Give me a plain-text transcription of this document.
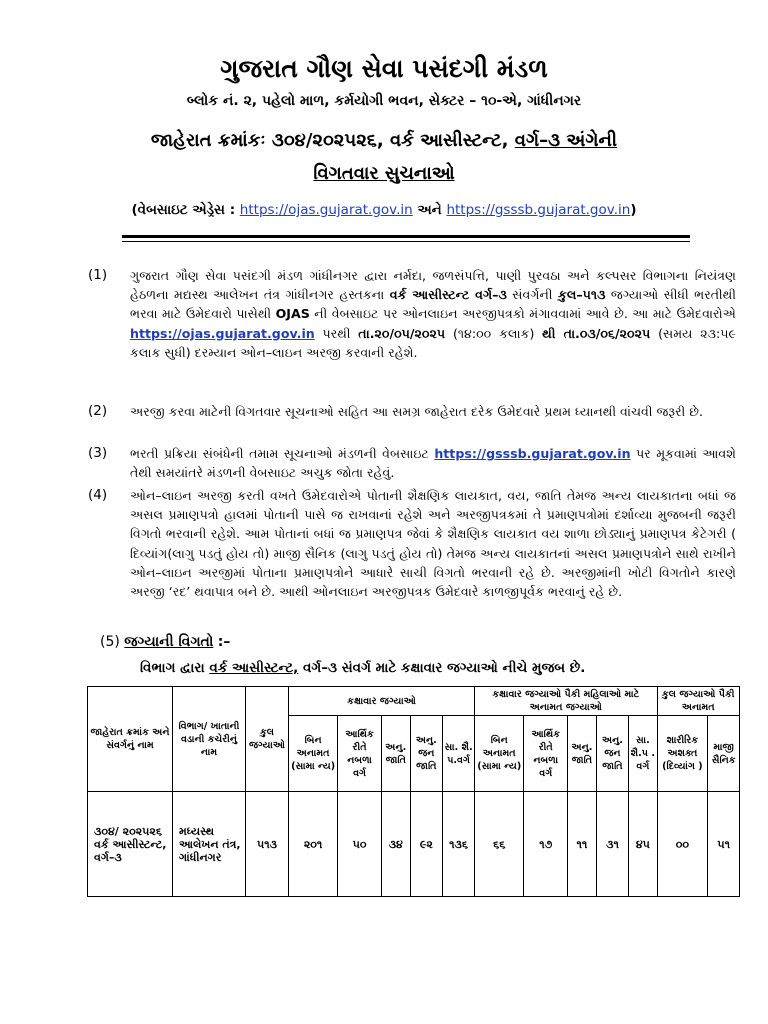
ગુજરાત ગૌણ સેવા પસંદગી મંડળ
બ્લોક નં. ૨, પહેલો માળ, કર્મયોગી ભવન, સેક્ટર – ૧૦-એ, ગાંધીનગર
જાહેરાત ક્રમાંકઃ ૩૦૪/૨૦૨૫૨૬, વર્ક આસીસ્ટન્ટ, વર્ગ–૩ અંગેની
વિગતવાર સુચનાઓ
(વેબસાઇટ એડ્રેસ : https://ojas.gujarat.gov.in અને https://gsssb.gujarat.gov.in)
(1) ગુજરાત ગૌણ સેવા પસંદગી મંડળ ગાંધીનગર દ્વારા નર્મદા, જળસંપત્તિ, પાણી પુરવઠા અને કલ્પસર વિભાગના નિયંત્રણ હેઠળના મદ્યસ્થ આલેખન તંત્ર ગાંધીનગર હસ્તકના વર્ક આસીસ્ટન્ટ વર્ગ–૩ સંવર્ગની કુલ–૫૧૩ જગ્યાઓ સીધી ભરતીથી ભરવા માટે ઉમેદવારો પાસેથી OJAS ની વેબસાઇટ પર ઓનલાઇન અરજીપત્રકો મંગાવવામાં આવે છે. આ માટે ઉમેદવારોએ https://ojas.gujarat.gov.in પરથી તા.૨૦/૦૫/૨૦૨૫ (૧૪:૦૦ કલાક) થી તા.૦૩/૦૬/૨૦૨૫ (સમય ૨૩:૫૯ કલાક સુધી) દરમ્યાન ઓન–લાઇન અરજી કરવાની રહેશે.

(2) અરજી કરવા માટેની વિગતવાર સૂચનાઓ સહિત આ સમગ્ર જાહેરાત દરેક ઉમેદવારે પ્રથમ ધ્યાનથી વાંચવી જરૂરી છે.

(3) ભરતી પ્રક્રિયા સંબંધેની તમામ સૂચનાઓ મંડળની વેબસાઇટ https://gsssb.gujarat.gov.in પર મૂકવામાં આવશે તેથી સમયાંતરે મંડળની વેબસાઇટ અચુક જોતા રહેવું.

(4) ઓન–લાઇન અરજી કરતી વખતે ઉમેદવારોએ પોતાની શૈક્ષણિક લાયકાત, વય, જાતિ તેમજ અન્ય લાયકાતના બધાં જ અસલ પ્રમાણપત્રો હાલમાં પોતાની પાસે જ રાખવાનાં રહેશે અને અરજીપત્રકમાં તે પ્રમાણપત્રોમાં દર્શાવ્યા મુજબની જરૂરી વિગતો ભરવાની રહેશે. આમ પોતાનાં બધાં જ પ્રમાણપત્ર જેવાં કે શૈક્ષણિક લાયકાત વય શાળા છોડ્યાનું પ્રમાણપત્ર કેટેગરી ( દિવ્યાંગ(લાગુ પડતું હોય તો) માજી સૈનિક (લાગુ પડતું હોય તો) તેમજ અન્ય લાયકાતનાં અસલ પ્રમાણપત્રોને સાથે રાખીને ઓન–લાઇન અરજીમાં પોતાના પ્રમાણપત્રોને આધારે સાચી વિગતો ભરવાની રહે છે. અરજીમાંની ખોટી વિગતોને કારણે અરજી ‘રદ’ થવાપાત્ર બને છે. આથી ઓનલાઇન અરજીપત્રક ઉમેદવારે કાળજીપૂર્વક ભરવાનું રહે છે.

(5) જગ્યાની વિગતો :–
વિભાગ દ્વારા વર્ક આસીસ્ટન્ટ, વર્ગ–૩ સંવર્ગ માટે કક્ષાવાર જગ્યાઓ નીચે મુજબ છે.
જાહેરાત ક્રમાંક અને સંવર્ગનું નામ	વિભાગ/ ખાતાની વડાની કચેરીનું નામ	કુલ જગ્યાઓ	કક્ષાવાર જગ્યાઓ					કક્ષાવાર જગ્યાઓ પૈકી મહિલાઓ માટે અનામત જગ્યાઓ					કુલ જગ્યાઓ પૈકી અનામત	
			બિન અનામત (સામા ન્ય)	આર્થિક રીતે નબળા વર્ગ	અનુ. જાતિ	અનુ. જન જાતિ	સા. શૈ. પ.વર્ગ	બિન અનામત (સામા ન્ય)	આર્થિક રીતે નબળા વર્ગ	અનુ. જાતિ	અનુ. જન જાતિ	સા. શૈ.પ . વર્ગ	શારીરિક અશક્ત (દિવ્યાંગ )	માજી સૈનિક
૩૦૪/ ૨૦૨૫૨૬ વર્ક આસીસ્ટન્ટ, વર્ગ–૩	મધ્યસ્થ આલેખન તંત્ર, ગાંધીનગર	૫૧૩	૨૦૧	૫૦	૩૪	૯૨	૧૩૬	૬૬	૧૭	૧૧	૩૧	૪૫	૦૦	૫૧
